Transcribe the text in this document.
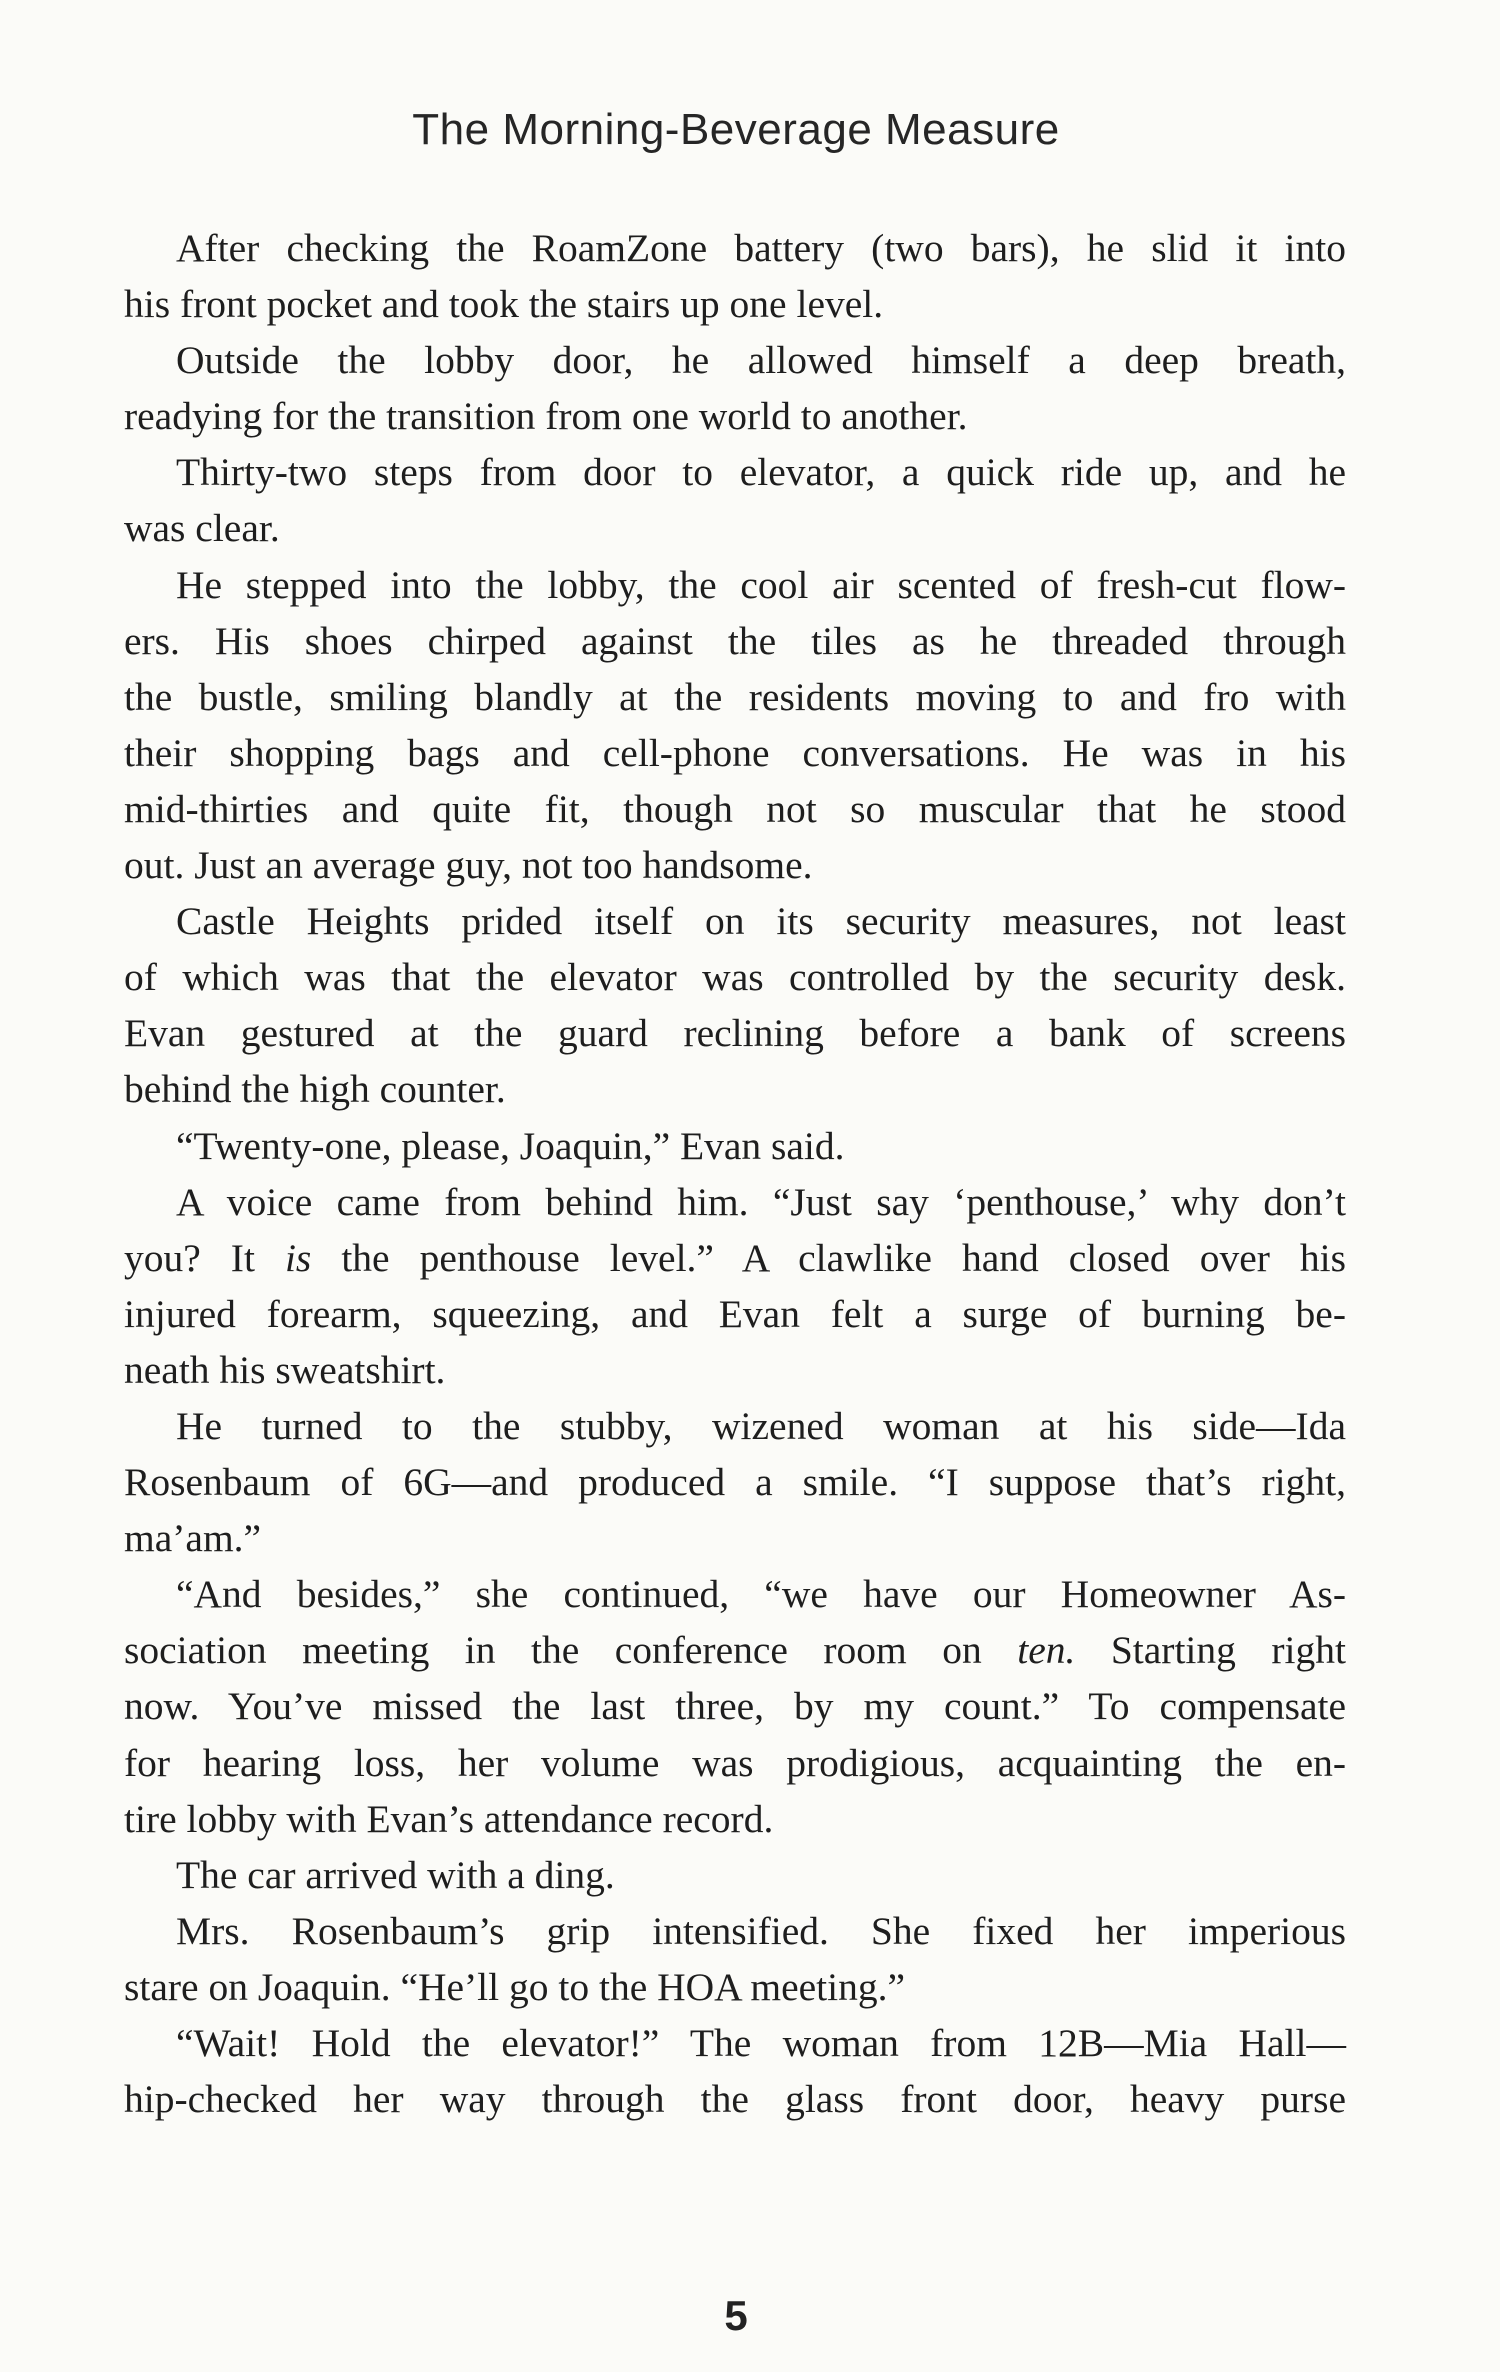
The Morning-Beverage Measure
After checking the RoamZone battery (two bars), he slid it into
his front pocket and took the stairs up one level.
Outside the lobby door, he allowed himself a deep breath,
readying for the transition from one world to another.
Thirty-two steps from door to elevator, a quick ride up, and he
was clear.
He stepped into the lobby, the cool air scented of fresh-cut flow-
ers. His shoes chirped against the tiles as he threaded through
the bustle, smiling blandly at the residents moving to and fro with
their shopping bags and cell-phone conversations. He was in his
mid-thirties and quite fit, though not so muscular that he stood
out. Just an average guy, not too handsome.
Castle Heights prided itself on its security measures, not least
of which was that the elevator was controlled by the security desk.
Evan gestured at the guard reclining before a bank of screens
behind the high counter.
“Twenty-one, please, Joaquin,” Evan said.
A voice came from behind him. “Just say ‘penthouse,’ why don’t
you? It is the penthouse level.” A clawlike hand closed over his
injured forearm, squeezing, and Evan felt a surge of burning be-
neath his sweatshirt.
He turned to the stubby, wizened woman at his side—Ida
Rosenbaum of 6G—and produced a smile. “I suppose that’s right,
ma’am.”
“And besides,” she continued, “we have our Homeowner As-
sociation meeting in the conference room on ten. Starting right
now. You’ve missed the last three, by my count.” To compensate
for hearing loss, her volume was prodigious, acquainting the en-
tire lobby with Evan’s attendance record.
The car arrived with a ding.
Mrs. Rosenbaum’s grip intensified. She fixed her imperious
stare on Joaquin. “He’ll go to the HOA meeting.”
“Wait! Hold the elevator!” The woman from 12B—Mia Hall—
hip-checked her way through the glass front door, heavy purse
5
